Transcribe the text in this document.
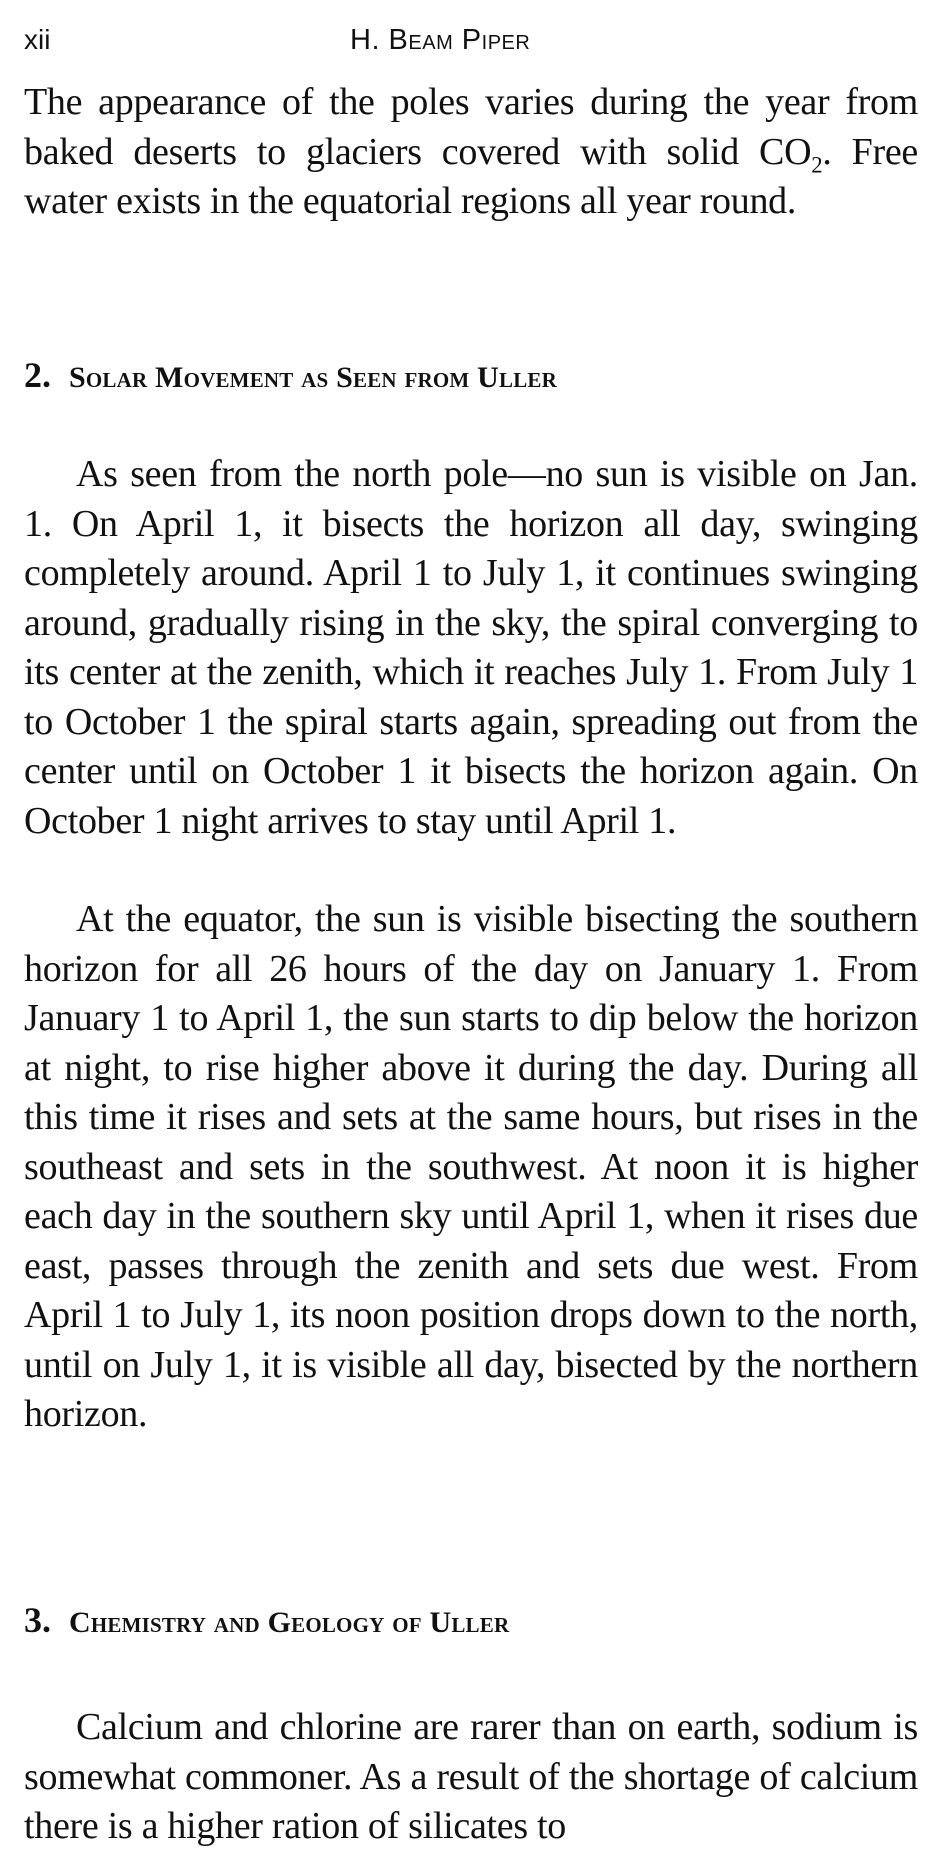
xii	H. Beam Piper

The appearance of the poles varies during the year from baked deserts to glaciers covered with solid $CO_2$. Free water exists in the equatorial regions all year round.

2. Solar Movement as Seen from Uller

As seen from the north pole—no sun is visible on Jan. 1. On April 1, it bisects the horizon all day, swinging completely around. April 1 to July 1, it continues swinging around, gradually rising in the sky, the spiral converging to its center at the zenith, which it reaches July 1. From July 1 to October 1 the spiral starts again, spreading out from the center until on October 1 it bisects the horizon again. On October 1 night arrives to stay until April 1.

At the equator, the sun is visible bisecting the southern horizon for all 26 hours of the day on January 1. From January 1 to April 1, the sun starts to dip below the horizon at night, to rise higher above it during the day. During all this time it rises and sets at the same hours, but rises in the southeast and sets in the southwest. At noon it is higher each day in the southern sky until April 1, when it rises due east, passes through the zenith and sets due west. From April 1 to July 1, its noon position drops down to the north, until on July 1, it is visible all day, bisected by the northern horizon.

3. Chemistry and Geology of Uller

Calcium and chlorine are rarer than on earth, sodium is somewhat commoner. As a result of the shortage of calcium there is a higher ration of silicates to
